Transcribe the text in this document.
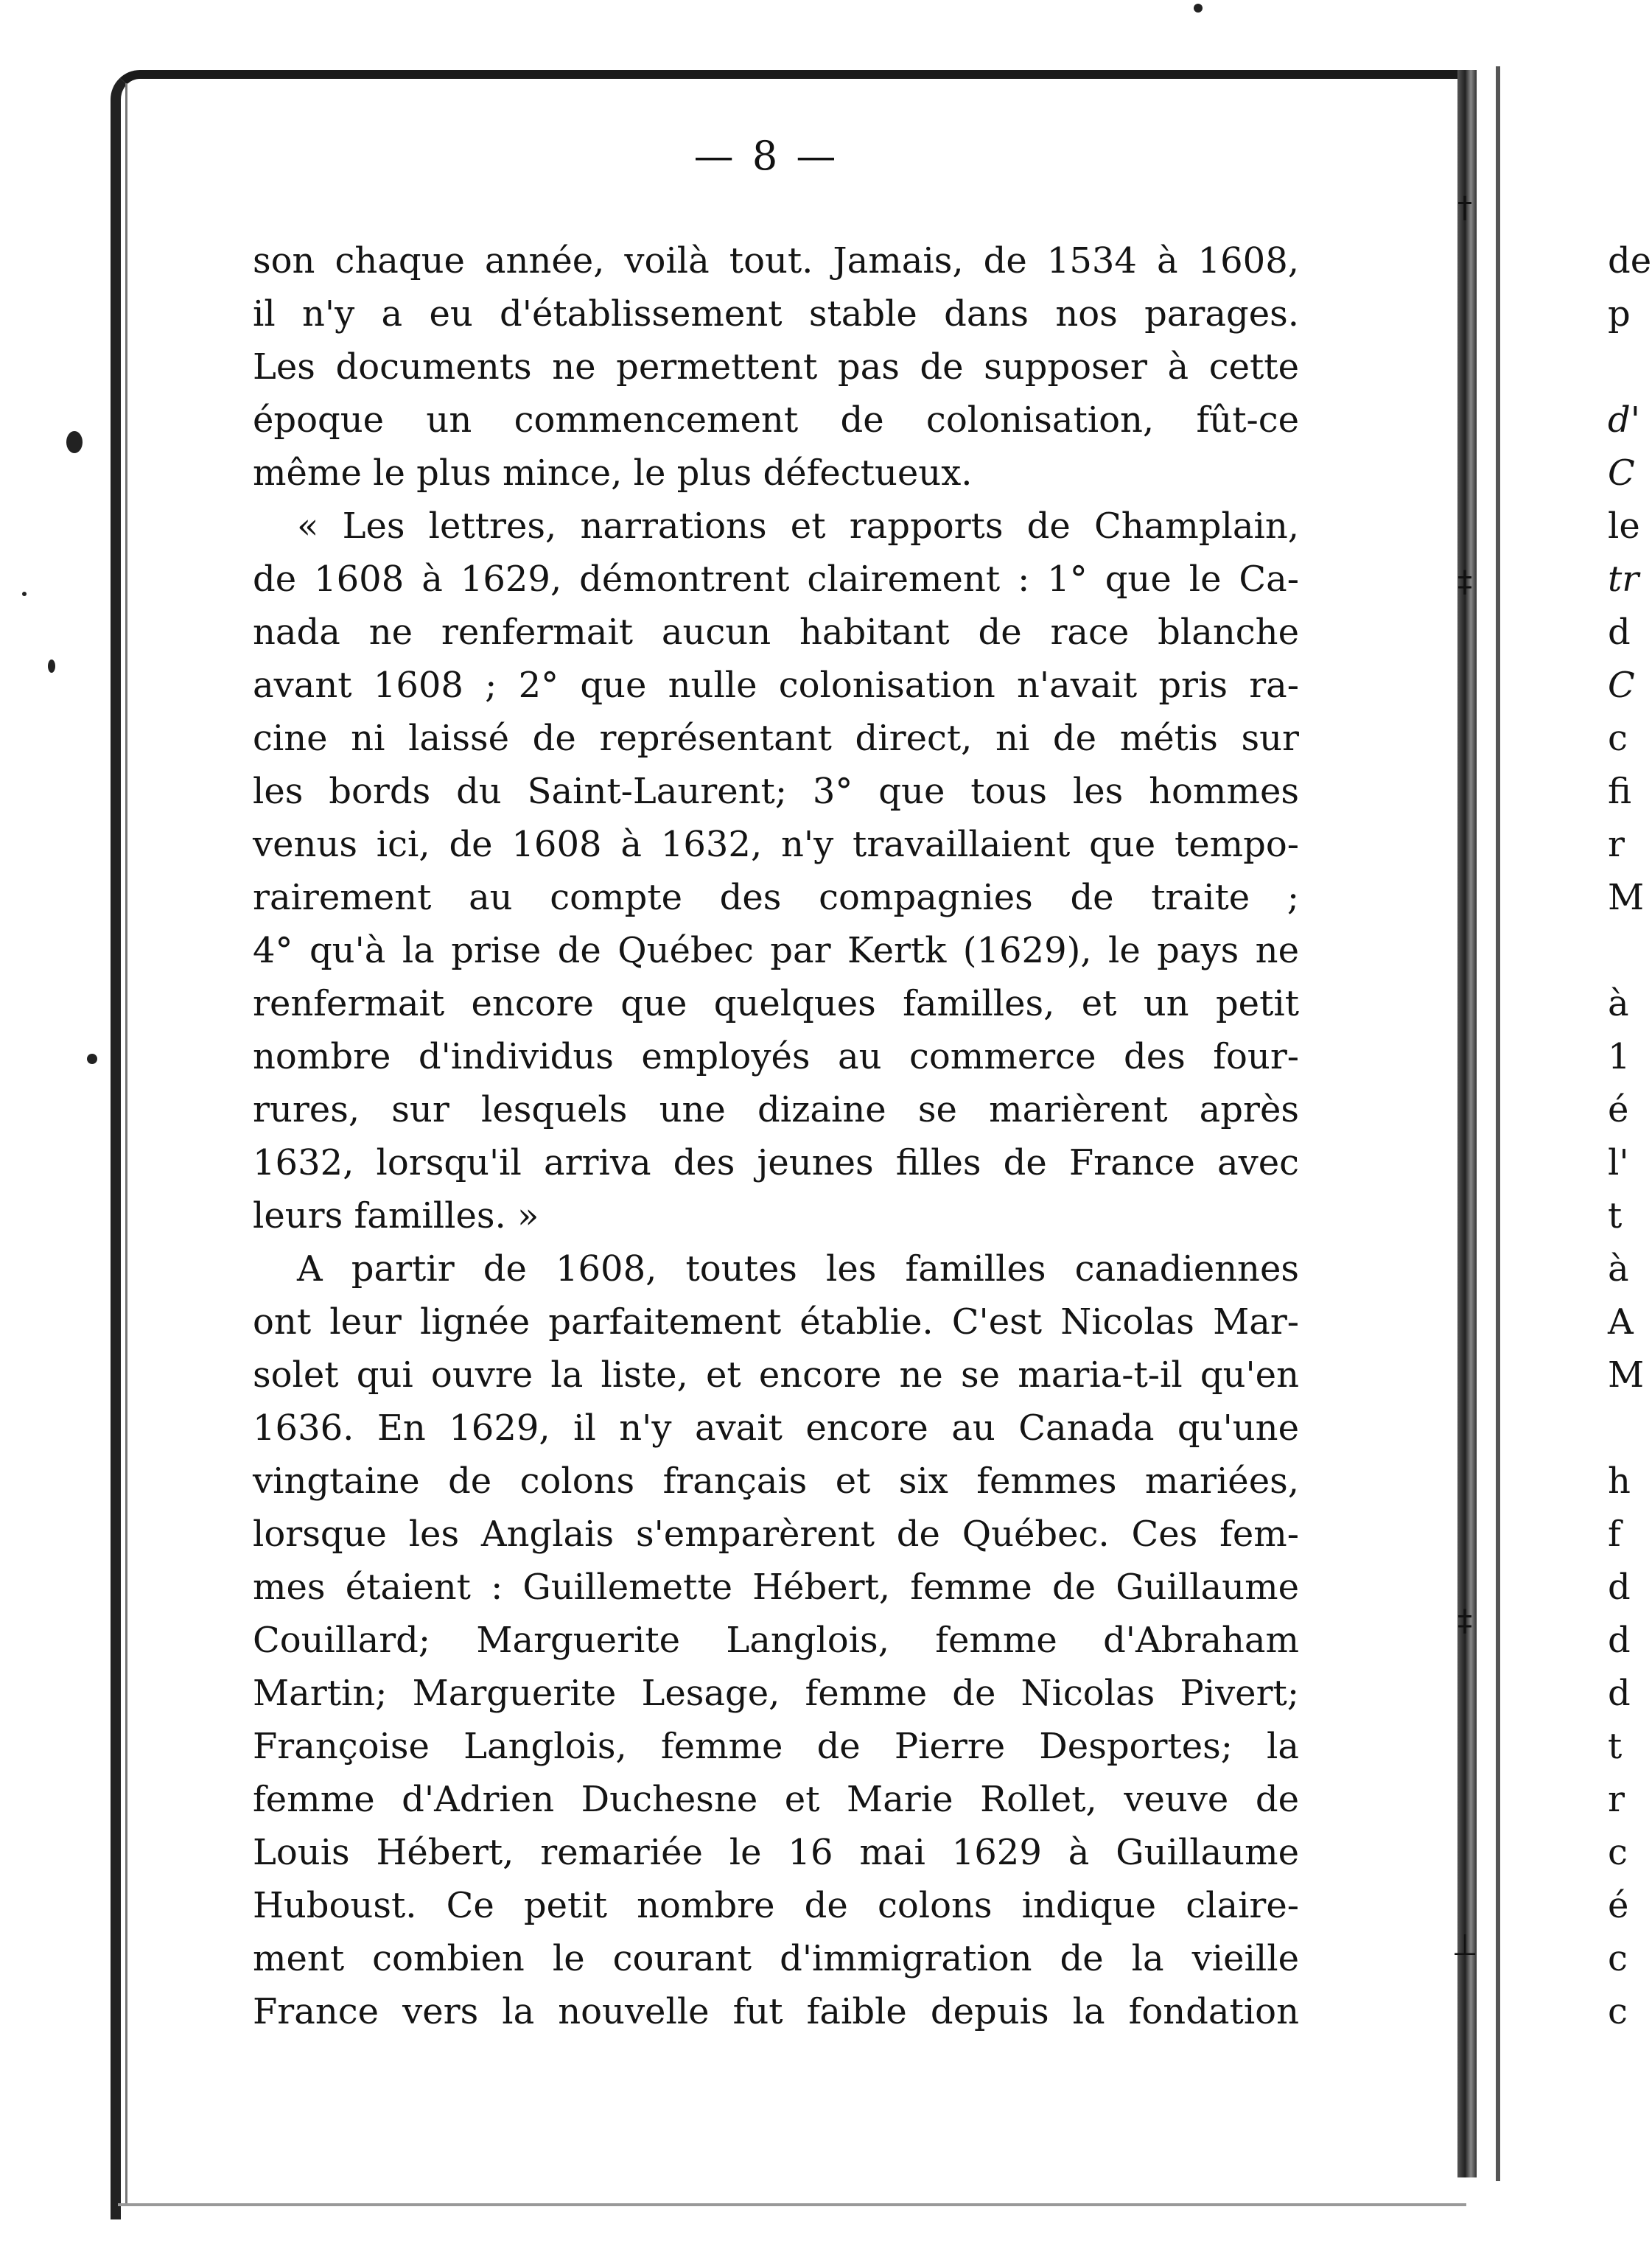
†
‡
‡
⊥
— 8 —
son chaque année, voilà tout. Jamais, de 1534 à 1608,
il n'y a eu d'établissement stable dans nos parages.
Les documents ne permettent pas de supposer à cette
époque un commencement de colonisation, fût-ce
même le plus mince, le plus défectueux.
« Les lettres, narrations et rapports de Champlain,
de 1608 à 1629, démontrent clairement : 1° que le Ca-
nada ne renfermait aucun habitant de race blanche
avant 1608 ; 2° que nulle colonisation n'avait pris ra-
cine ni laissé de représentant direct, ni de métis sur
les bords du Saint-Laurent; 3° que tous les hommes
venus ici, de 1608 à 1632, n'y travaillaient que tempo-
rairement au compte des compagnies de traite ;
4° qu'à la prise de Québec par Kertk (1629), le pays ne
renfermait encore que quelques familles, et un petit
nombre d'individus employés au commerce des four-
rures, sur lesquels une dizaine se marièrent après
1632, lorsqu'il arriva des jeunes filles de France avec
leurs familles. »
A partir de 1608, toutes les familles canadiennes
ont leur lignée parfaitement établie. C'est Nicolas Mar-
solet qui ouvre la liste, et encore ne se maria-t-il qu'en
1636. En 1629, il n'y avait encore au Canada qu'une
vingtaine de colons français et six femmes mariées,
lorsque les Anglais s'emparèrent de Québec. Ces fem-
mes étaient : Guillemette Hébert, femme de Guillaume
Couillard; Marguerite Langlois, femme d'Abraham
Martin; Marguerite Lesage, femme de Nicolas Pivert;
Françoise Langlois, femme de Pierre Desportes; la
femme d'Adrien Duchesne et Marie Rollet, veuve de
Louis Hébert, remariée le 16 mai 1629 à Guillaume
Huboust. Ce petit nombre de colons indique claire-
ment combien le courant d'immigration de la vieille
France vers la nouvelle fut faible depuis la fondation
de
p
d'
C
le
tr
d
C
c
fi
r
M
à
1
é
l'
t
à
A
M
h
f
d
d
d
t
r
c
é
c
c
